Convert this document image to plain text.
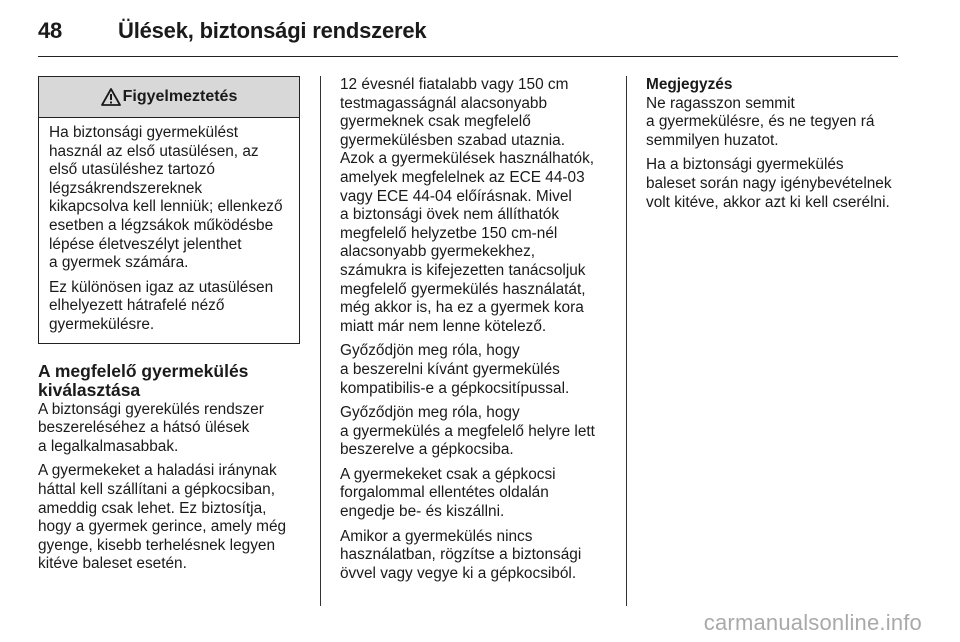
48	Ülések, biztonsági rendszerek
Figyelmeztetés

Ha biztonsági gyermekülést
használ az első utasülésen, az
első utasüléshez tartozó
légzsákrendszereknek
kikapcsolva kell lenniük; ellenkező
esetben a légzsákok működésbe
lépése életveszélyt jelenthet
a gyermek számára.

Ez különösen igaz az utasülésen
elhelyezett hátrafelé néző
gyermekülésre.

A megfelelő gyermekülés
kiválasztása

A biztonsági gyerekülés rendszer
beszereléséhez a hátsó ülések
a legalkalmasabbak.

A gyermekeket a haladási iránynak
háttal kell szállítani a gépkocsiban,
ameddig csak lehet. Ez biztosítja,
hogy a gyermek gerince, amely még
gyenge, kisebb terhelésnek legyen
kitéve baleset esetén.

12 évesnél fiatalabb vagy 150 cm
testmagasságnál alacsonyabb
gyermeknek csak megfelelő
gyermekülésben szabad utaznia.
Azok a gyermekülések használhatók,
amelyek megfelelnek az ECE 44-03
vagy ECE 44-04 előírásnak. Mivel
a biztonsági övek nem állíthatók
megfelelő helyzetbe 150 cm-nél
alacsonyabb gyermekekhez,
számukra is kifejezetten tanácsoljuk
megfelelő gyermekülés használatát,
még akkor is, ha ez a gyermek kora
miatt már nem lenne kötelező.

Győződjön meg róla, hogy
a beszerelni kívánt gyermekülés
kompatibilis-e a gépkocsitípussal.

Győződjön meg róla, hogy
a gyermekülés a megfelelő helyre lett
beszerelve a gépkocsiba.

A gyermekeket csak a gépkocsi
forgalommal ellentétes oldalán
engedje be- és kiszállni.

Amikor a gyermekülés nincs
használatban, rögzítse a biztonsági
övvel vagy vegye ki a gépkocsiból.

Megjegyzés

Ne ragasszon semmit
a gyermekülésre, és ne tegyen rá
semmilyen huzatot.

Ha a biztonsági gyermekülés
baleset során nagy igénybevételnek
volt kitéve, akkor azt ki kell cserélni.

carmanualsonline.info
